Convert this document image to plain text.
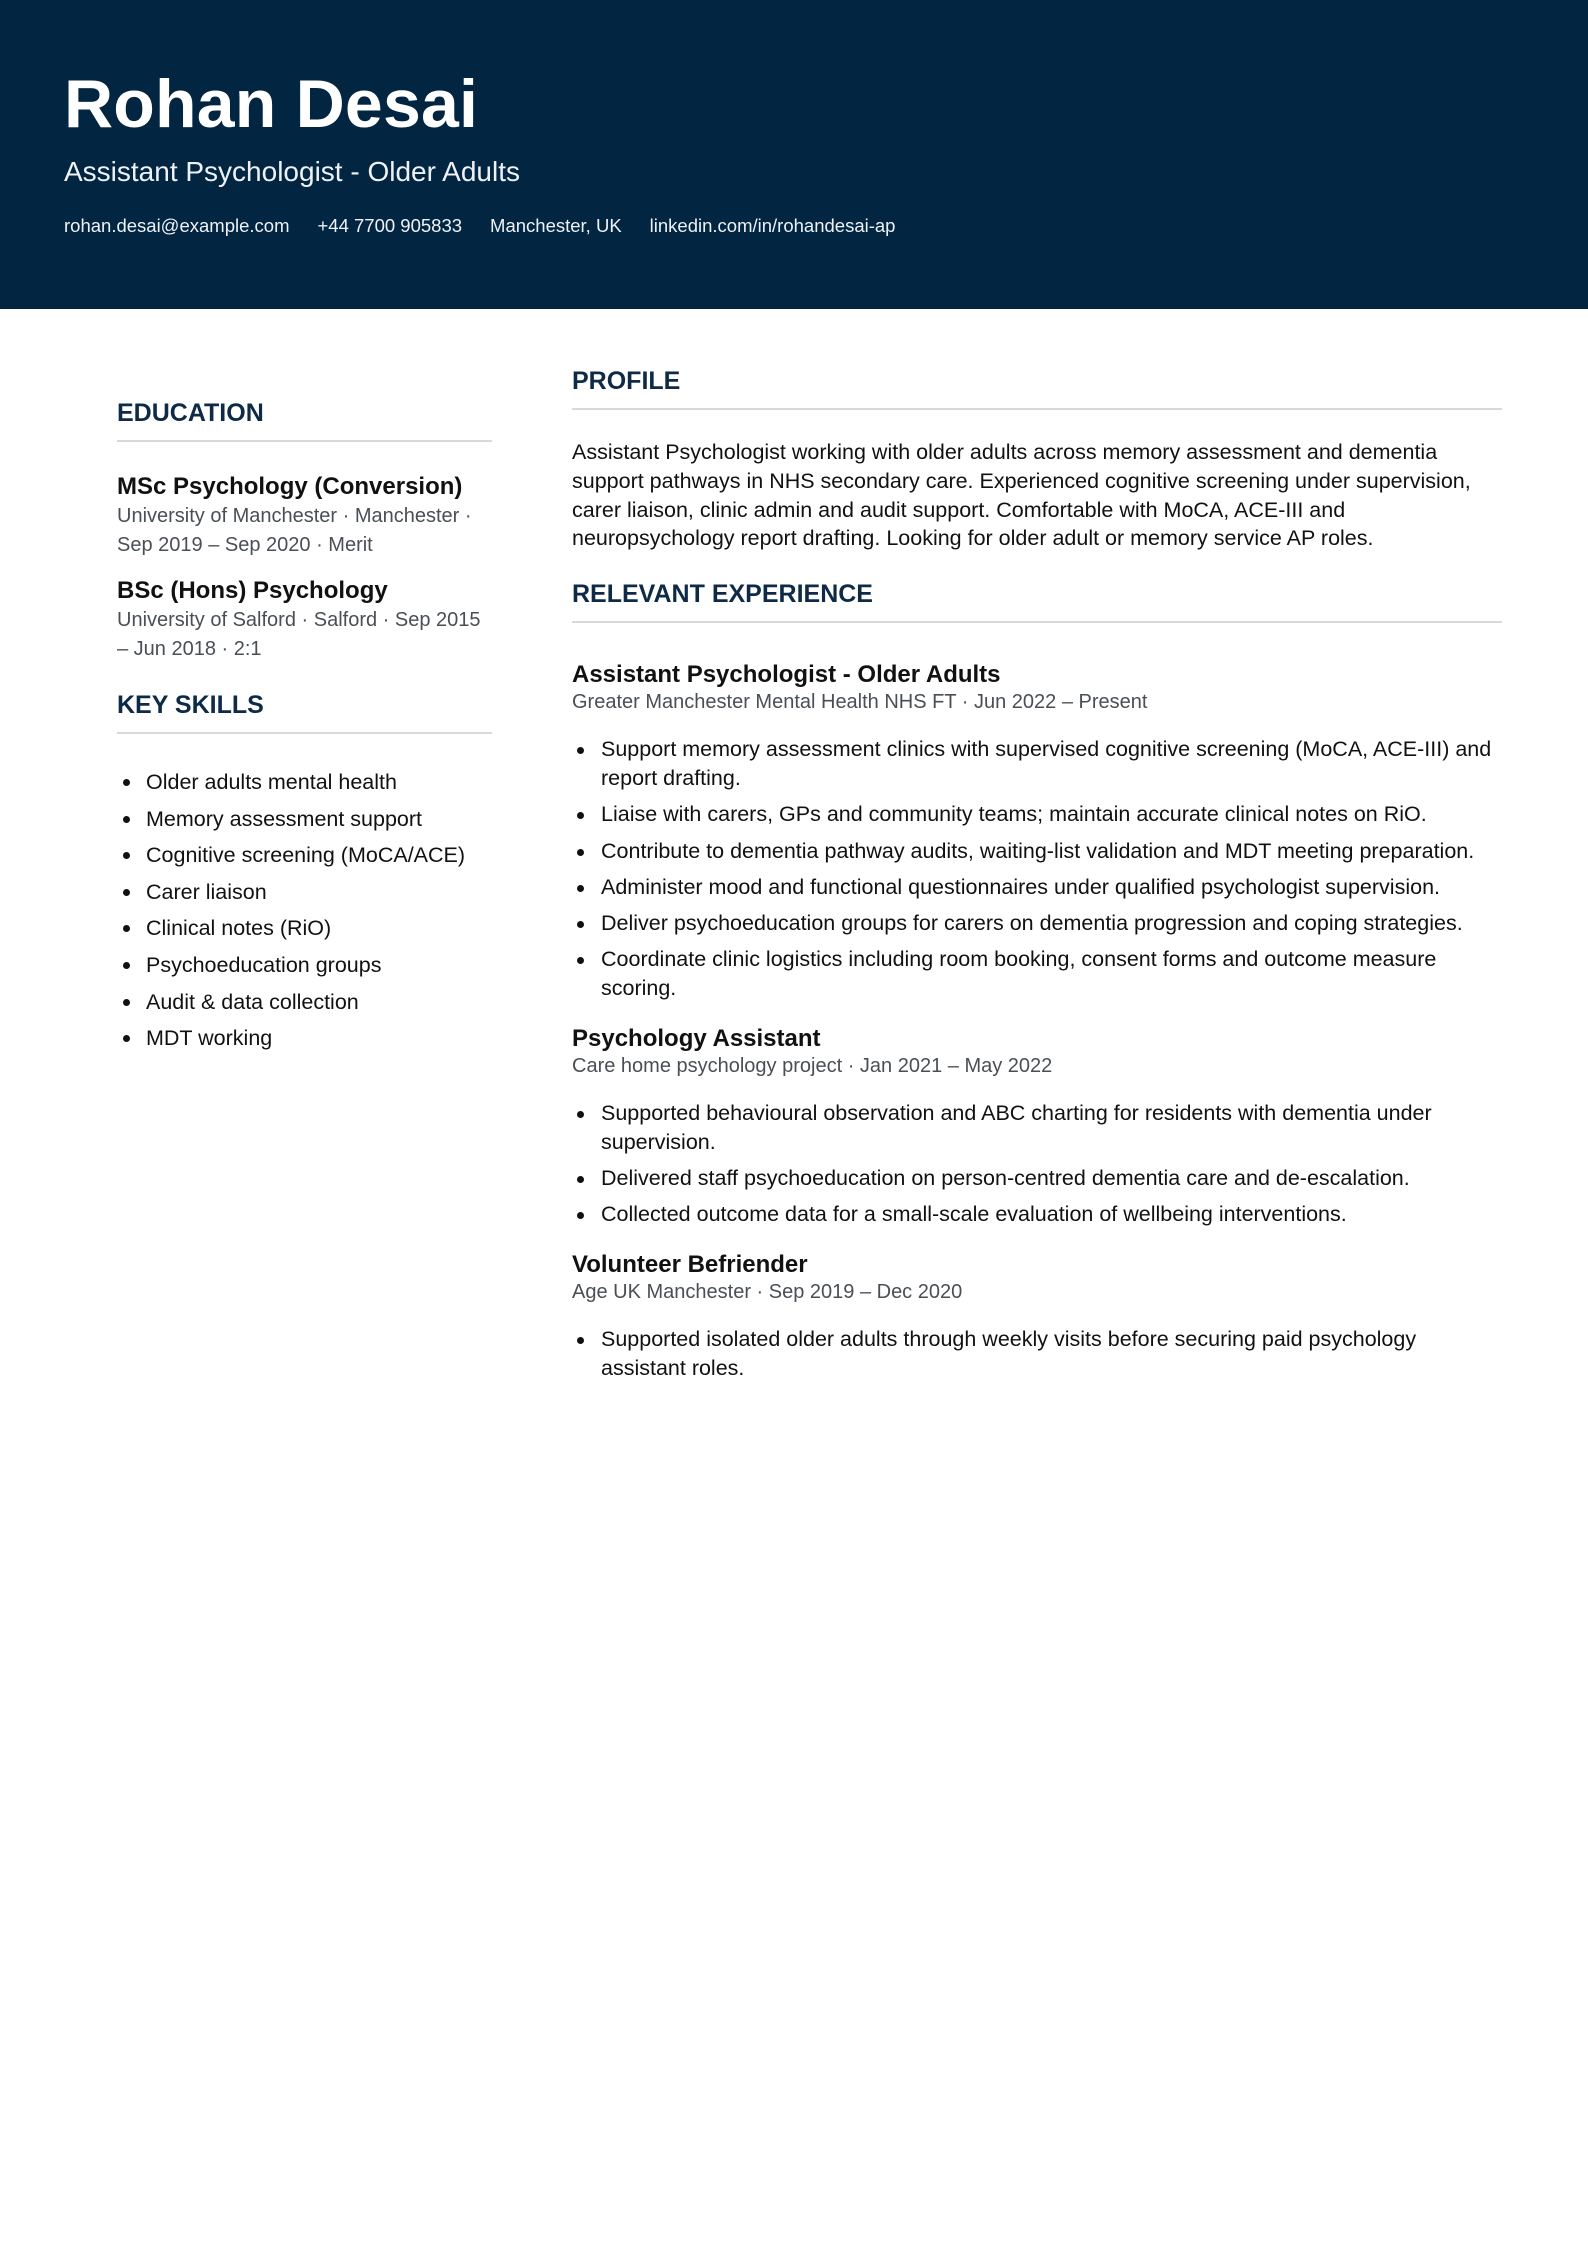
Rohan Desai
Assistant Psychologist - Older Adults
rohan.desai@example.com +44 7700 905833 Manchester, UK linkedin.com/in/rohandesai-ap
EDUCATION
MSc Psychology (Conversion)
University of Manchester · Manchester · Sep 2019 – Sep 2020 · Merit
BSc (Hons) Psychology
University of Salford · Salford · Sep 2015 – Jun 2018 · 2:1
KEY SKILLS
Older adults mental health
Memory assessment support
Cognitive screening (MoCA/ACE)
Carer liaison
Clinical notes (RiO)
Psychoeducation groups
Audit & data collection
MDT working
PROFILE

Assistant Psychologist working with older adults across memory assessment and dementia support pathways in NHS secondary care. Experienced cognitive screening under supervision, carer liaison, clinic admin and audit support. Comfortable with MoCA, ACE-III and neuropsychology report drafting. Looking for older adult or memory service AP roles.

RELEVANT EXPERIENCE
Assistant Psychologist - Older Adults
Greater Manchester Mental Health NHS FT · Jun 2022 – Present
Support memory assessment clinics with supervised cognitive screening (MoCA, ACE-III) and report drafting.
Liaise with carers, GPs and community teams; maintain accurate clinical notes on RiO.
Contribute to dementia pathway audits, waiting-list validation and MDT meeting preparation.
Administer mood and functional questionnaires under qualified psychologist supervision.
Deliver psychoeducation groups for carers on dementia progression and coping strategies.
Coordinate clinic logistics including room booking, consent forms and outcome measure scoring.
Psychology Assistant
Care home psychology project · Jan 2021 – May 2022
Supported behavioural observation and ABC charting for residents with dementia under supervision.
Delivered staff psychoeducation on person-centred dementia care and de-escalation.
Collected outcome data for a small-scale evaluation of wellbeing interventions.
Volunteer Befriender
Age UK Manchester · Sep 2019 – Dec 2020
Supported isolated older adults through weekly visits before securing paid psychology assistant roles.
